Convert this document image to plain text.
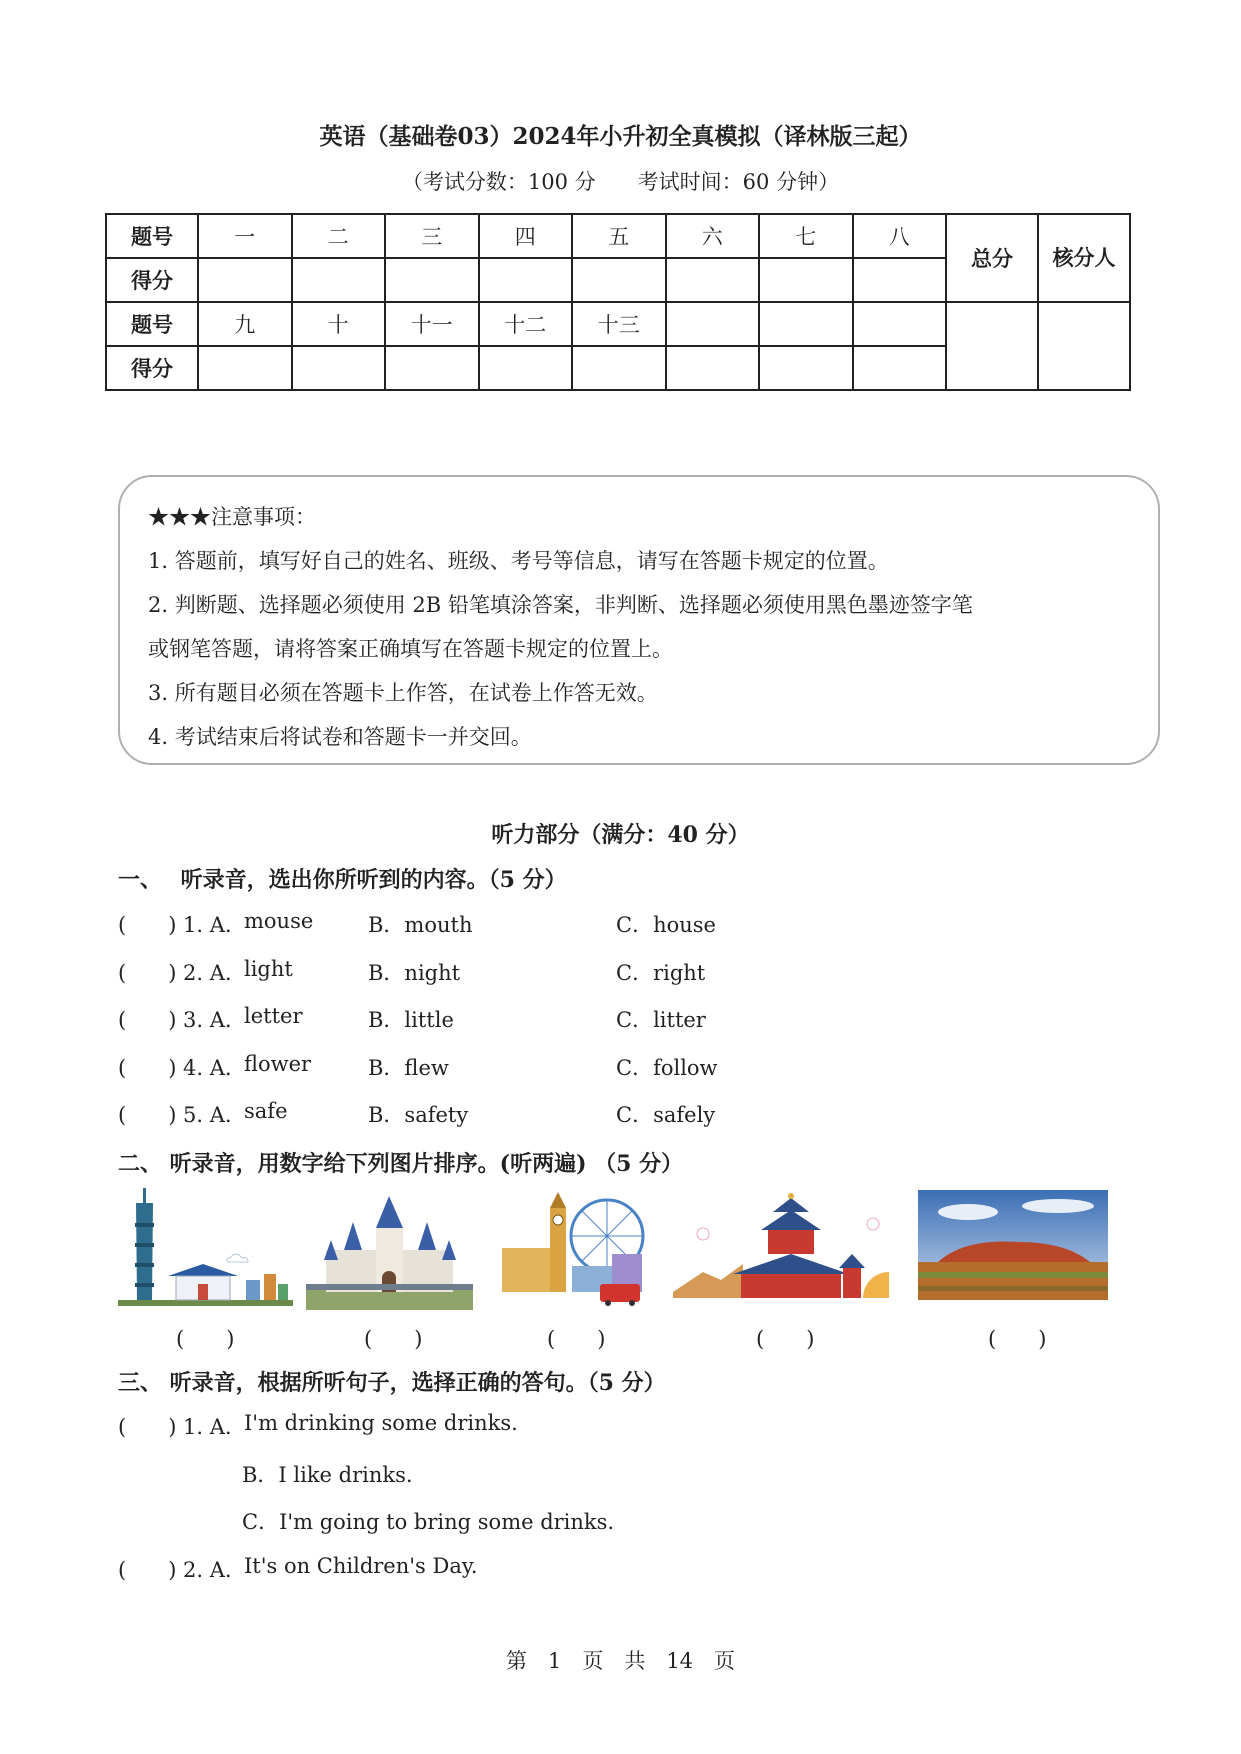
英语（基础卷03）2024年小升初全真模拟（译林版三起）
（考试分数：100 分　　考试时间：60 分钟）
题号	一	二	三	四	五	六	七	八	总分	核分人
得分										
题号	九	十	十一	十二	十三					
得分										
★★★注意事项：
1. 答题前，填写好自己的姓名、班级、考号等信息，请写在答题卡规定的位置。
2. 判断题、选择题必须使用 2B 铅笔填涂答案，非判断、选择题必须使用黑色墨迹签字笔
或钢笔答题，请将答案正确填写在答题卡规定的位置上。
3. 所有题目必须在答题卡上作答，在试卷上作答无效。
4. 考试结束后将试卷和答题卡一并交回。
听力部分（满分：40 分）
一、　 听录音，选出你所听到的内容。（5 分）
(　　) 1. A．
mouse	B．mouth	C．house
(　　) 2. A．
light	B．night	C．right
(　　) 3. A．
letter	B．little	C．litter
(　　) 4. A．
flower	B．flew	C．follow
(　　) 5. A．
safe	B．safety	C．safely
二、 听录音，用数字给下列图片排序。(听两遍) （5 分）
(　　)	(　　)	(　　)	(　　)	(　　)
三、 听录音，根据所听句子，选择正确的答句。（5 分）
(　　) 1. A．
I'm drinking some drinks.
B．I like drinks.
C．I'm going to bring some drinks.
(　　) 2. A．
It's on Children's Day.
第　1　页　共　14　页
